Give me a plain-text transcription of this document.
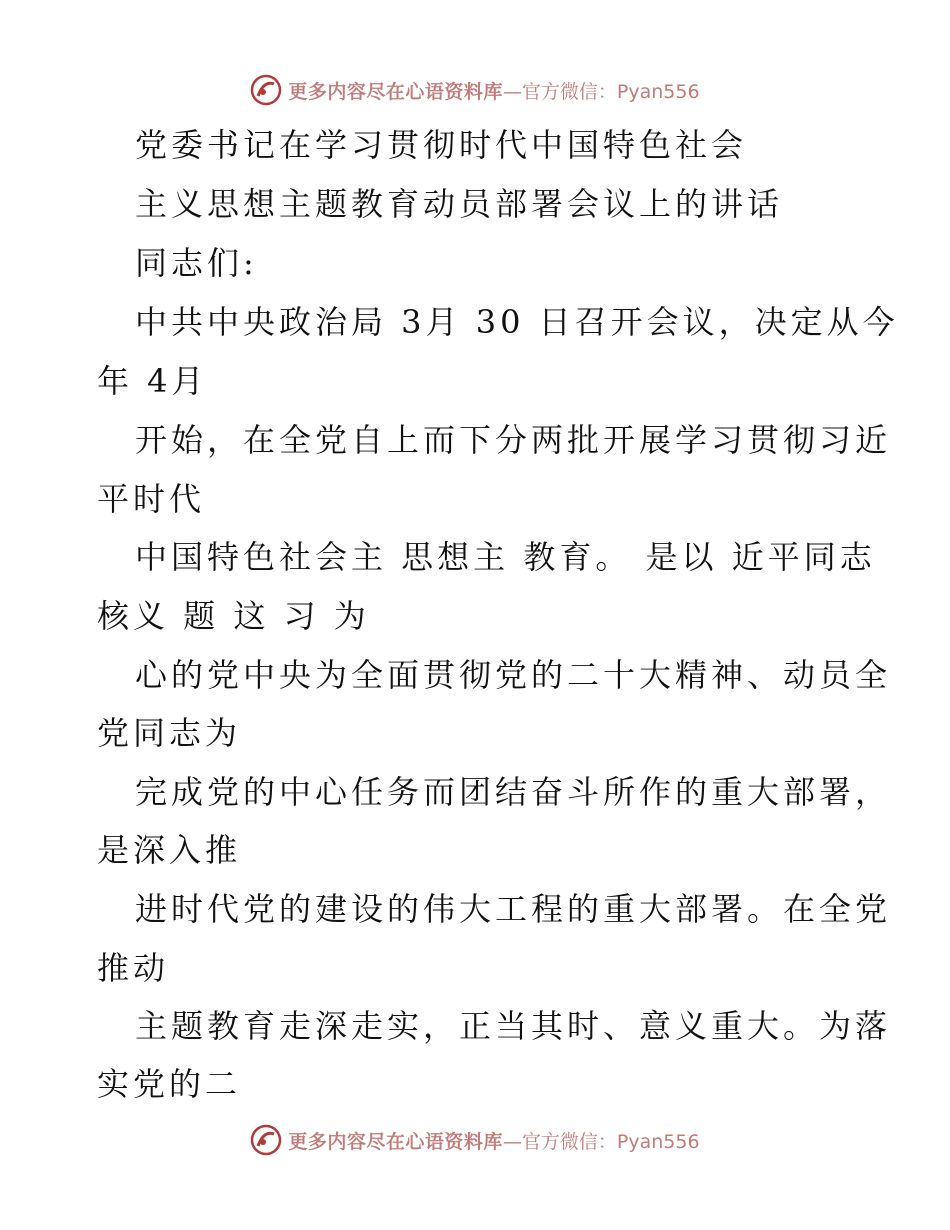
更多内容尽在心语资料库 —官方微信：Pyan556
党委书记在学习贯彻时代中国特色社会
主义思想主题教育动员部署会议上的讲话
同志们:
中共中央政治局 3月 30 日召开会议，决定从今
年 4月
开始，在全党自上而下分两批开展学习贯彻习近
平时代
中国特色社会主 思想主 教育。 是以 近平同志
核义 题 这 习 为
心的党中央为全面贯彻党的二十大精神、动员全
党同志为
完成党的中心任务而团结奋斗所作的重大部署，
是深入推
进时代党的建设的伟大工程的重大部署。在全党
推动
主题教育走深走实，正当其时、意义重大。为落
实党的二
更多内容尽在心语资料库 —官方微信：Pyan556
